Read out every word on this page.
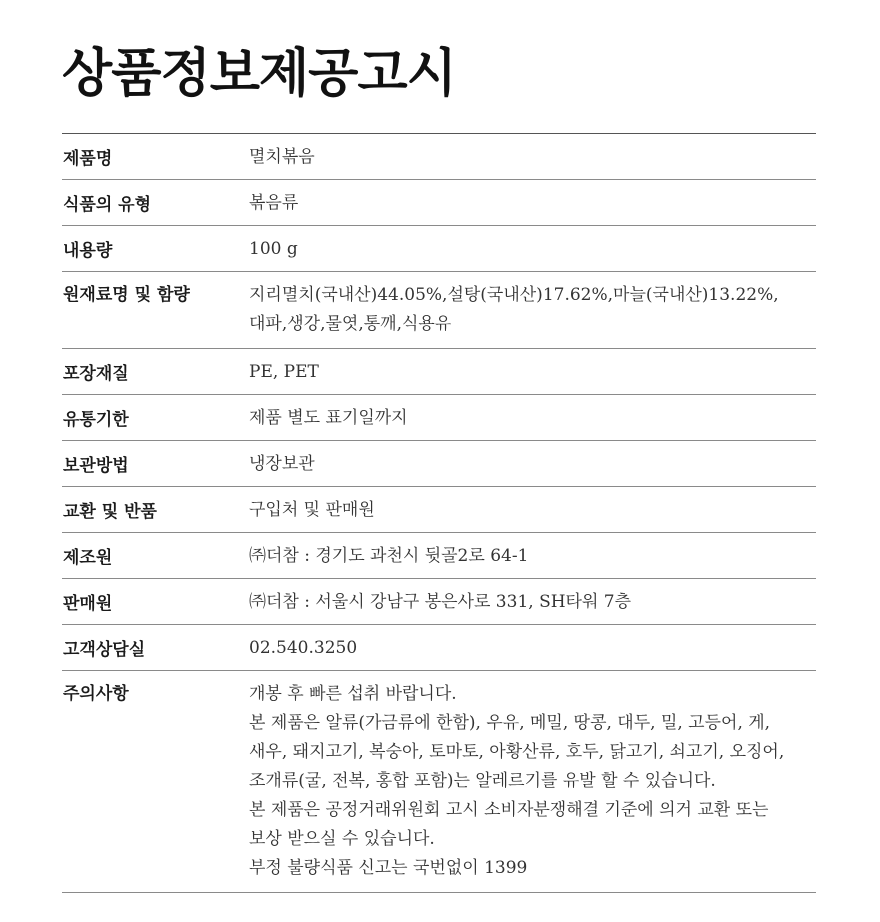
상품정보제공고시
제품명	멸치볶음
식품의 유형	볶음류
내용량	100 g
원재료명 및 함량	지리멸치(국내산)44.05%,설탕(국내산)17.62%,마늘(국내산)13.22%,
대파,생강,물엿,통깨,식용유
포장재질	PE, PET
유통기한	제품 별도 표기일까지
보관방법	냉장보관
교환 및 반품	구입처 및 판매원
제조원	㈜더참 : 경기도 과천시 뒷골2로 64-1
판매원	㈜더참 : 서울시 강남구 봉은사로 331, SH타워 7층
고객상담실	02.540.3250
주의사항	개봉 후 빠른 섭취 바랍니다.
본 제품은 알류(가금류에 한함), 우유, 메밀, 땅콩, 대두, 밀, 고등어, 게,
새우, 돼지고기, 복숭아, 토마토, 아황산류, 호두, 닭고기, 쇠고기, 오징어,
조개류(굴, 전복, 홍합 포함)는 알레르기를 유발 할 수 있습니다.
본 제품은 공정거래위원회 고시 소비자분쟁해결 기준에 의거 교환 또는
보상 받으실 수 있습니다.
부정 불량식품 신고는 국번없이 1399
